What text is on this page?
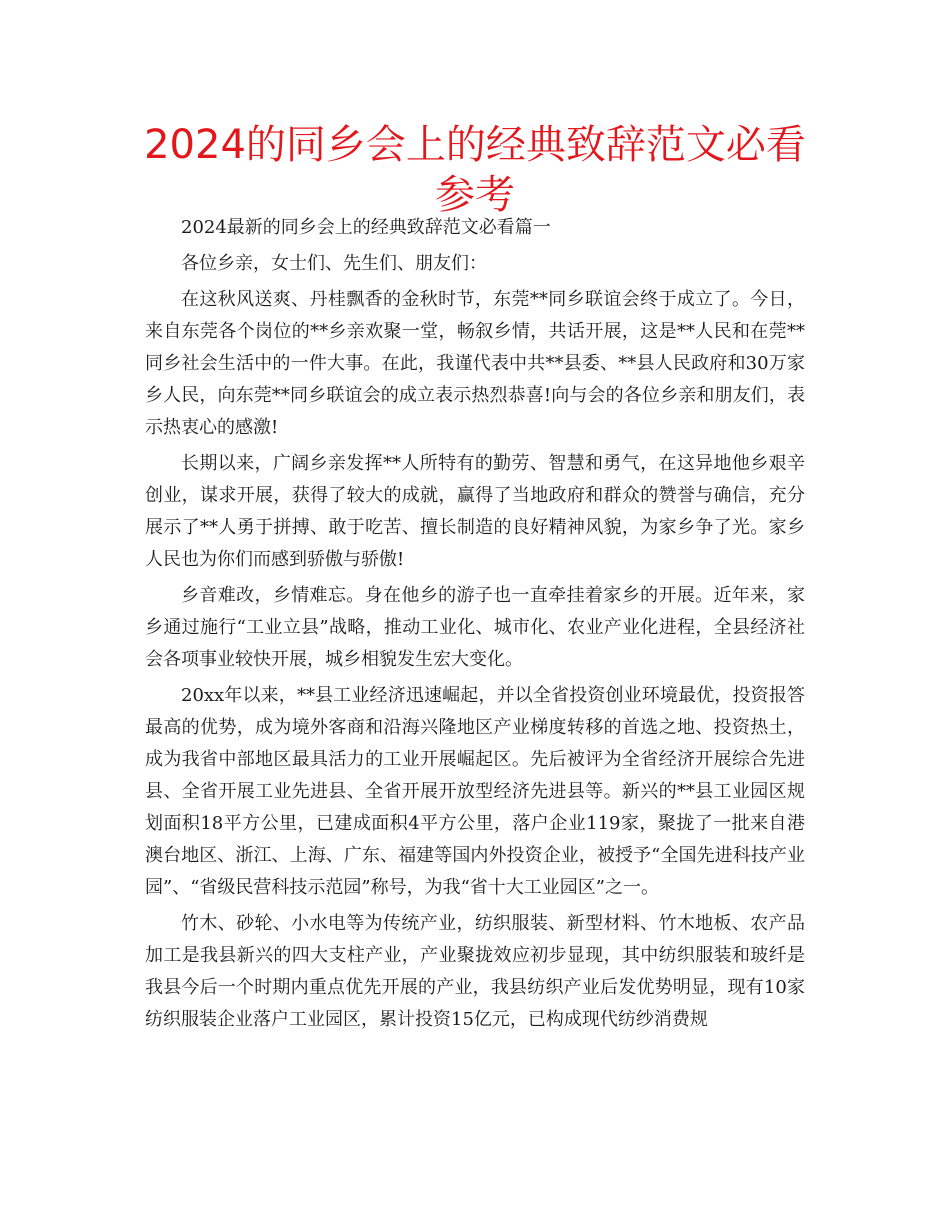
2024的同乡会上的经典致辞范文必看参考

2024最新的同乡会上的经典致辞范文必看篇一

各位乡亲，女士们、先生们、朋友们：

在这秋风送爽、丹桂飘香的金秋时节，东莞**同乡联谊会终于成立了。今日，来自东莞各个岗位的**乡亲欢聚一堂，畅叙乡情，共话开展，这是**人民和在莞**同乡社会生活中的一件大事。在此，我谨代表中共**县委、**县人民政府和30万家乡人民，向东莞**同乡联谊会的成立表示热烈恭喜!向与会的各位乡亲和朋友们，表示热衷心的感激!

长期以来，广阔乡亲发挥**人所特有的勤劳、智慧和勇气，在这异地他乡艰辛创业，谋求开展，获得了较大的成就，赢得了当地政府和群众的赞誉与确信，充分展示了**人勇于拼搏、敢于吃苦、擅长制造的良好精神风貌，为家乡争了光。家乡人民也为你们而感到骄傲与骄傲!

乡音难改，乡情难忘。身在他乡的游子也一直牵挂着家乡的开展。近年来，家乡通过施行“工业立县”战略，推动工业化、城市化、农业产业化进程，全县经济社会各项事业较快开展，城乡相貌发生宏大变化。

20xx年以来，**县工业经济迅速崛起，并以全省投资创业环境最优，投资报答最高的优势，成为境外客商和沿海兴隆地区产业梯度转移的首选之地、投资热土，成为我省中部地区最具活力的工业开展崛起区。先后被评为全省经济开展综合先进县、全省开展工业先进县、全省开展开放型经济先进县等。新兴的**县工业园区规划面积18平方公里，已建成面积4平方公里，落户企业119家，聚拢了一批来自港澳台地区、浙江、上海、广东、福建等国内外投资企业，被授予“全国先进科技产业园”、“省级民营科技示范园”称号，为我“省十大工业园区”之一。

竹木、砂轮、小水电等为传统产业，纺织服装、新型材料、竹木地板、农产品加工是我县新兴的四大支柱产业，产业聚拢效应初步显现，其中纺织服装和玻纤是我县今后一个时期内重点优先开展的产业，我县纺织产业后发优势明显，现有10家纺织服装企业落户工业园区，累计投资15亿元，已构成现代纺纱消费规
